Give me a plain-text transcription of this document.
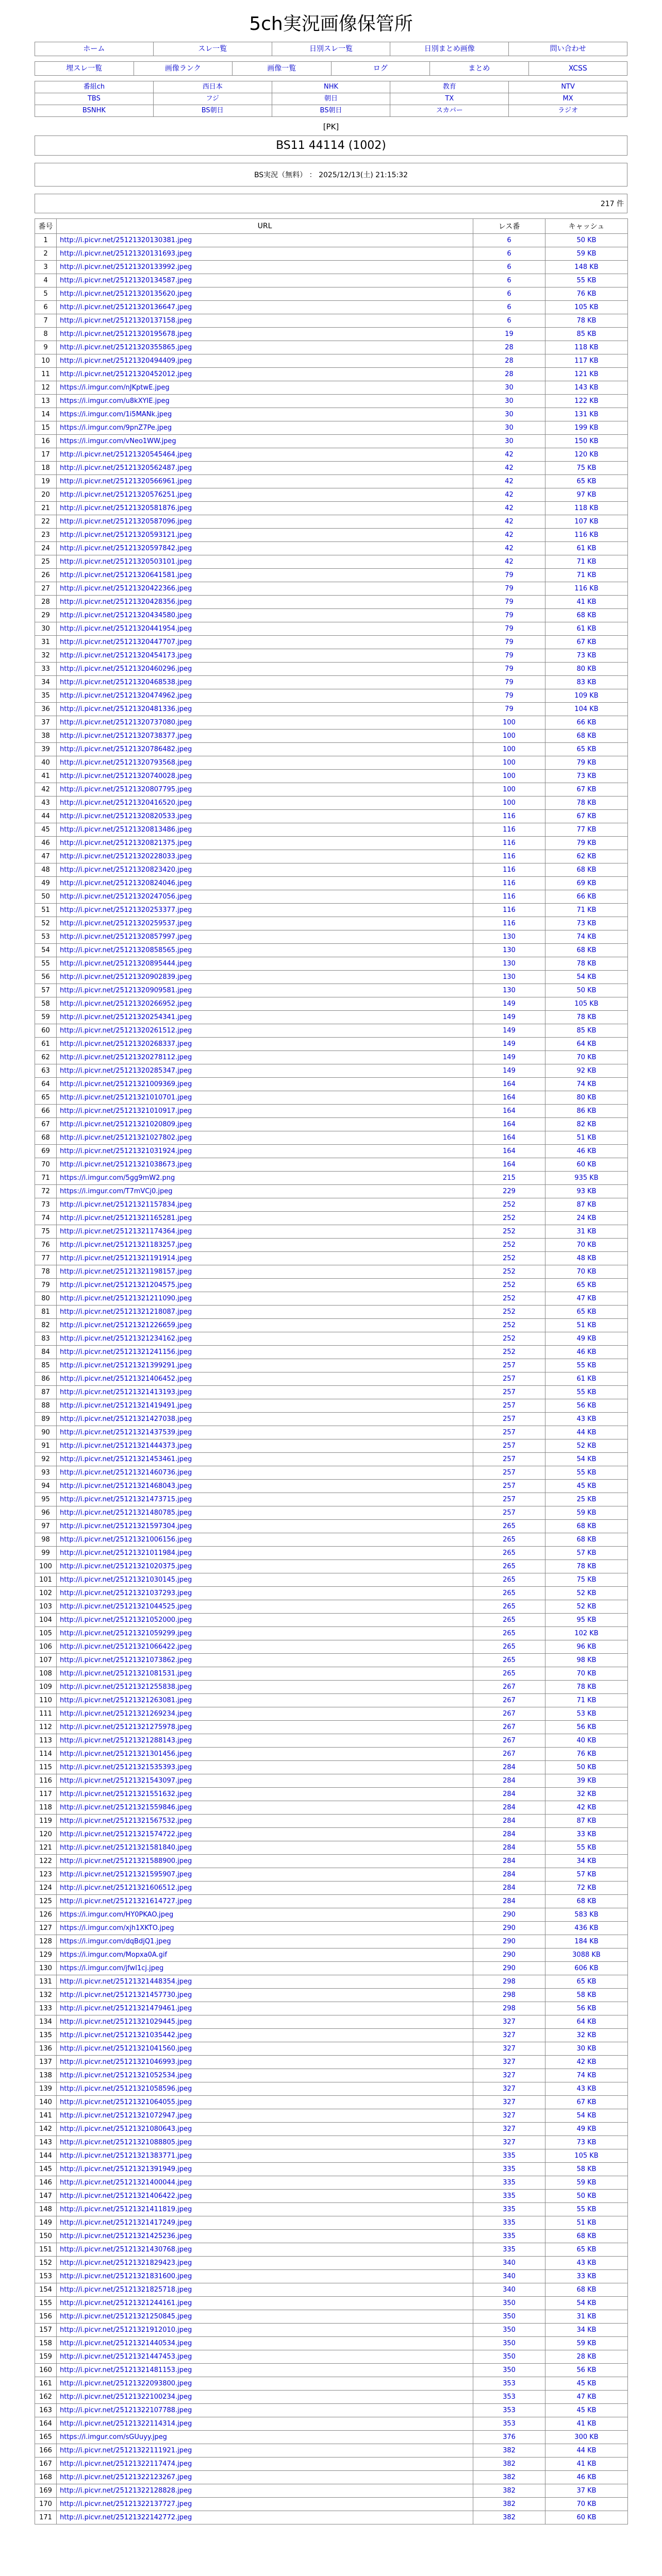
5ch実況画像保管所
ホーム	スレ一覧	日別スレ一覧	日別まとめ画像	問い合わせ
埋スレ一覧	画像ランク	画像一覧	ログ	まとめ	XCSS
番組ch	西日本	NHK	教育	NTV

TBS	フジ	朝日	TX	MX

BSNHK	BS朝日	BS朝日	スカパー	ラジオ
[PK]
BS11 44114 (1002)
BS実況（無料） ： 2025/12/13(土) 21:15:32
217 件
番号	URL	レス番	キャッシュ
1	http://i.picvr.net/25121320130381.jpeg	6	50 KB
2	http://i.picvr.net/25121320131693.jpeg	6	59 KB
3	http://i.picvr.net/25121320133992.jpeg	6	148 KB
4	http://i.picvr.net/25121320134587.jpeg	6	55 KB
5	http://i.picvr.net/25121320135620.jpeg	6	76 KB
6	http://i.picvr.net/25121320136647.jpeg	6	105 KB
7	http://i.picvr.net/25121320137158.jpeg	6	78 KB
8	http://i.picvr.net/25121320195678.jpeg	19	85 KB
9	http://i.picvr.net/25121320355865.jpeg	28	118 KB
10	http://i.picvr.net/25121320494409.jpeg	28	117 KB
11	http://i.picvr.net/25121320452012.jpeg	28	121 KB
12	https://i.imgur.com/nJKptwE.jpeg	30	143 KB
13	https://i.imgur.com/u8kXYIE.jpeg	30	122 KB
14	https://i.imgur.com/1i5MANk.jpeg	30	131 KB
15	https://i.imgur.com/9pnZ7Pe.jpeg	30	199 KB
16	https://i.imgur.com/vNeo1WW.jpeg	30	150 KB
17	http://i.picvr.net/25121320545464.jpeg	42	120 KB
18	http://i.picvr.net/25121320562487.jpeg	42	75 KB
19	http://i.picvr.net/25121320566961.jpeg	42	65 KB
20	http://i.picvr.net/25121320576251.jpeg	42	97 KB
21	http://i.picvr.net/25121320581876.jpeg	42	118 KB
22	http://i.picvr.net/25121320587096.jpeg	42	107 KB
23	http://i.picvr.net/25121320593121.jpeg	42	116 KB
24	http://i.picvr.net/25121320597842.jpeg	42	61 KB
25	http://i.picvr.net/25121320503101.jpeg	42	71 KB
26	http://i.picvr.net/25121320641581.jpeg	79	71 KB
27	http://i.picvr.net/25121320422366.jpeg	79	116 KB
28	http://i.picvr.net/25121320428356.jpeg	79	41 KB
29	http://i.picvr.net/25121320434580.jpeg	79	68 KB
30	http://i.picvr.net/25121320441954.jpeg	79	61 KB
31	http://i.picvr.net/25121320447707.jpeg	79	67 KB
32	http://i.picvr.net/25121320454173.jpeg	79	73 KB
33	http://i.picvr.net/25121320460296.jpeg	79	80 KB
34	http://i.picvr.net/25121320468538.jpeg	79	83 KB
35	http://i.picvr.net/25121320474962.jpeg	79	109 KB
36	http://i.picvr.net/25121320481336.jpeg	79	104 KB
37	http://i.picvr.net/25121320737080.jpeg	100	66 KB
38	http://i.picvr.net/25121320738377.jpeg	100	68 KB
39	http://i.picvr.net/25121320786482.jpeg	100	65 KB
40	http://i.picvr.net/25121320793568.jpeg	100	79 KB
41	http://i.picvr.net/25121320740028.jpeg	100	73 KB
42	http://i.picvr.net/25121320807795.jpeg	100	67 KB
43	http://i.picvr.net/25121320416520.jpeg	100	78 KB
44	http://i.picvr.net/25121320820533.jpeg	116	67 KB
45	http://i.picvr.net/25121320813486.jpeg	116	77 KB
46	http://i.picvr.net/25121320821375.jpeg	116	79 KB
47	http://i.picvr.net/25121320228033.jpeg	116	62 KB
48	http://i.picvr.net/25121320823420.jpeg	116	68 KB
49	http://i.picvr.net/25121320824046.jpeg	116	69 KB
50	http://i.picvr.net/25121320247056.jpeg	116	66 KB
51	http://i.picvr.net/25121320253377.jpeg	116	71 KB
52	http://i.picvr.net/25121320259537.jpeg	116	73 KB
53	http://i.picvr.net/25121320857997.jpeg	130	74 KB
54	http://i.picvr.net/25121320858565.jpeg	130	68 KB
55	http://i.picvr.net/25121320895444.jpeg	130	78 KB
56	http://i.picvr.net/25121320902839.jpeg	130	54 KB
57	http://i.picvr.net/25121320909581.jpeg	130	50 KB
58	http://i.picvr.net/25121320266952.jpeg	149	105 KB
59	http://i.picvr.net/25121320254341.jpeg	149	78 KB
60	http://i.picvr.net/25121320261512.jpeg	149	85 KB
61	http://i.picvr.net/25121320268337.jpeg	149	64 KB
62	http://i.picvr.net/25121320278112.jpeg	149	70 KB
63	http://i.picvr.net/25121320285347.jpeg	149	92 KB
64	http://i.picvr.net/25121321009369.jpeg	164	74 KB
65	http://i.picvr.net/25121321010701.jpeg	164	80 KB
66	http://i.picvr.net/25121321010917.jpeg	164	86 KB
67	http://i.picvr.net/25121321020809.jpeg	164	82 KB
68	http://i.picvr.net/25121321027802.jpeg	164	51 KB
69	http://i.picvr.net/25121321031924.jpeg	164	46 KB
70	http://i.picvr.net/25121321038673.jpeg	164	60 KB
71	https://i.imgur.com/5gg9mW2.png	215	935 KB
72	https://i.imgur.com/T7mVCj0.jpeg	229	93 KB
73	http://i.picvr.net/25121321157834.jpeg	252	87 KB
74	http://i.picvr.net/25121321165281.jpeg	252	24 KB
75	http://i.picvr.net/25121321174364.jpeg	252	31 KB
76	http://i.picvr.net/25121321183257.jpeg	252	70 KB
77	http://i.picvr.net/25121321191914.jpeg	252	48 KB
78	http://i.picvr.net/25121321198157.jpeg	252	70 KB
79	http://i.picvr.net/25121321204575.jpeg	252	65 KB
80	http://i.picvr.net/25121321211090.jpeg	252	47 KB
81	http://i.picvr.net/25121321218087.jpeg	252	65 KB
82	http://i.picvr.net/25121321226659.jpeg	252	51 KB
83	http://i.picvr.net/25121321234162.jpeg	252	49 KB
84	http://i.picvr.net/25121321241156.jpeg	252	46 KB
85	http://i.picvr.net/25121321399291.jpeg	257	55 KB
86	http://i.picvr.net/25121321406452.jpeg	257	61 KB
87	http://i.picvr.net/25121321413193.jpeg	257	55 KB
88	http://i.picvr.net/25121321419491.jpeg	257	56 KB
89	http://i.picvr.net/25121321427038.jpeg	257	43 KB
90	http://i.picvr.net/25121321437539.jpeg	257	44 KB
91	http://i.picvr.net/25121321444373.jpeg	257	52 KB
92	http://i.picvr.net/25121321453461.jpeg	257	54 KB
93	http://i.picvr.net/25121321460736.jpeg	257	55 KB
94	http://i.picvr.net/25121321468043.jpeg	257	45 KB
95	http://i.picvr.net/25121321473715.jpeg	257	25 KB
96	http://i.picvr.net/25121321480785.jpeg	257	59 KB
97	http://i.picvr.net/25121321597304.jpeg	265	68 KB
98	http://i.picvr.net/25121321006156.jpeg	265	68 KB
99	http://i.picvr.net/25121321011984.jpeg	265	57 KB
100	http://i.picvr.net/25121321020375.jpeg	265	78 KB
101	http://i.picvr.net/25121321030145.jpeg	265	75 KB
102	http://i.picvr.net/25121321037293.jpeg	265	52 KB
103	http://i.picvr.net/25121321044525.jpeg	265	52 KB
104	http://i.picvr.net/25121321052000.jpeg	265	95 KB
105	http://i.picvr.net/25121321059299.jpeg	265	102 KB
106	http://i.picvr.net/25121321066422.jpeg	265	96 KB
107	http://i.picvr.net/25121321073862.jpeg	265	98 KB
108	http://i.picvr.net/25121321081531.jpeg	265	70 KB
109	http://i.picvr.net/25121321255838.jpeg	267	78 KB
110	http://i.picvr.net/25121321263081.jpeg	267	71 KB
111	http://i.picvr.net/25121321269234.jpeg	267	53 KB
112	http://i.picvr.net/25121321275978.jpeg	267	56 KB
113	http://i.picvr.net/25121321288143.jpeg	267	40 KB
114	http://i.picvr.net/25121321301456.jpeg	267	76 KB
115	http://i.picvr.net/25121321535393.jpeg	284	50 KB
116	http://i.picvr.net/25121321543097.jpeg	284	39 KB
117	http://i.picvr.net/25121321551632.jpeg	284	32 KB
118	http://i.picvr.net/25121321559846.jpeg	284	42 KB
119	http://i.picvr.net/25121321567532.jpeg	284	87 KB
120	http://i.picvr.net/25121321574722.jpeg	284	33 KB
121	http://i.picvr.net/25121321581840.jpeg	284	55 KB
122	http://i.picvr.net/25121321588900.jpeg	284	34 KB
123	http://i.picvr.net/25121321595907.jpeg	284	57 KB
124	http://i.picvr.net/25121321606512.jpeg	284	72 KB
125	http://i.picvr.net/25121321614727.jpeg	284	68 KB
126	https://i.imgur.com/HY0PKAO.jpeg	290	583 KB
127	https://i.imgur.com/xjh1XKTO.jpeg	290	436 KB
128	https://i.imgur.com/dqBdjQ1.jpeg	290	184 KB
129	https://i.imgur.com/Mopxa0A.gif	290	3088 KB
130	https://i.imgur.com/jfwI1cj.jpeg	290	606 KB
131	http://i.picvr.net/25121321448354.jpeg	298	65 KB
132	http://i.picvr.net/25121321457730.jpeg	298	58 KB
133	http://i.picvr.net/25121321479461.jpeg	298	56 KB
134	http://i.picvr.net/25121321029445.jpeg	327	64 KB
135	http://i.picvr.net/25121321035442.jpeg	327	32 KB
136	http://i.picvr.net/25121321041560.jpeg	327	30 KB
137	http://i.picvr.net/25121321046993.jpeg	327	42 KB
138	http://i.picvr.net/25121321052534.jpeg	327	74 KB
139	http://i.picvr.net/25121321058596.jpeg	327	43 KB
140	http://i.picvr.net/25121321064055.jpeg	327	67 KB
141	http://i.picvr.net/25121321072947.jpeg	327	54 KB
142	http://i.picvr.net/25121321080643.jpeg	327	49 KB
143	http://i.picvr.net/25121321088805.jpeg	327	73 KB
144	http://i.picvr.net/25121321383771.jpeg	335	105 KB
145	http://i.picvr.net/25121321391949.jpeg	335	58 KB
146	http://i.picvr.net/25121321400044.jpeg	335	59 KB
147	http://i.picvr.net/25121321406422.jpeg	335	50 KB
148	http://i.picvr.net/25121321411819.jpeg	335	55 KB
149	http://i.picvr.net/25121321417249.jpeg	335	51 KB
150	http://i.picvr.net/25121321425236.jpeg	335	68 KB
151	http://i.picvr.net/25121321430768.jpeg	335	65 KB
152	http://i.picvr.net/25121321829423.jpeg	340	43 KB
153	http://i.picvr.net/25121321831600.jpeg	340	33 KB
154	http://i.picvr.net/25121321825718.jpeg	340	68 KB
155	http://i.picvr.net/25121321244161.jpeg	350	54 KB
156	http://i.picvr.net/25121321250845.jpeg	350	31 KB
157	http://i.picvr.net/25121321912010.jpeg	350	34 KB
158	http://i.picvr.net/25121321440534.jpeg	350	59 KB
159	http://i.picvr.net/25121321447453.jpeg	350	28 KB
160	http://i.picvr.net/25121321481153.jpeg	350	56 KB
161	http://i.picvr.net/25121322093800.jpeg	353	45 KB
162	http://i.picvr.net/25121322100234.jpeg	353	47 KB
163	http://i.picvr.net/25121322107788.jpeg	353	45 KB
164	http://i.picvr.net/25121322114314.jpeg	353	41 KB
165	https://i.imgur.com/sGUuyy.jpeg	376	300 KB
166	http://i.picvr.net/25121322111921.jpeg	382	44 KB
167	http://i.picvr.net/25121322117474.jpeg	382	41 KB
168	http://i.picvr.net/25121322123267.jpeg	382	46 KB
169	http://i.picvr.net/25121322128828.jpeg	382	37 KB
170	http://i.picvr.net/25121322137727.jpeg	382	70 KB
171	http://i.picvr.net/25121322142772.jpeg	382	60 KB
